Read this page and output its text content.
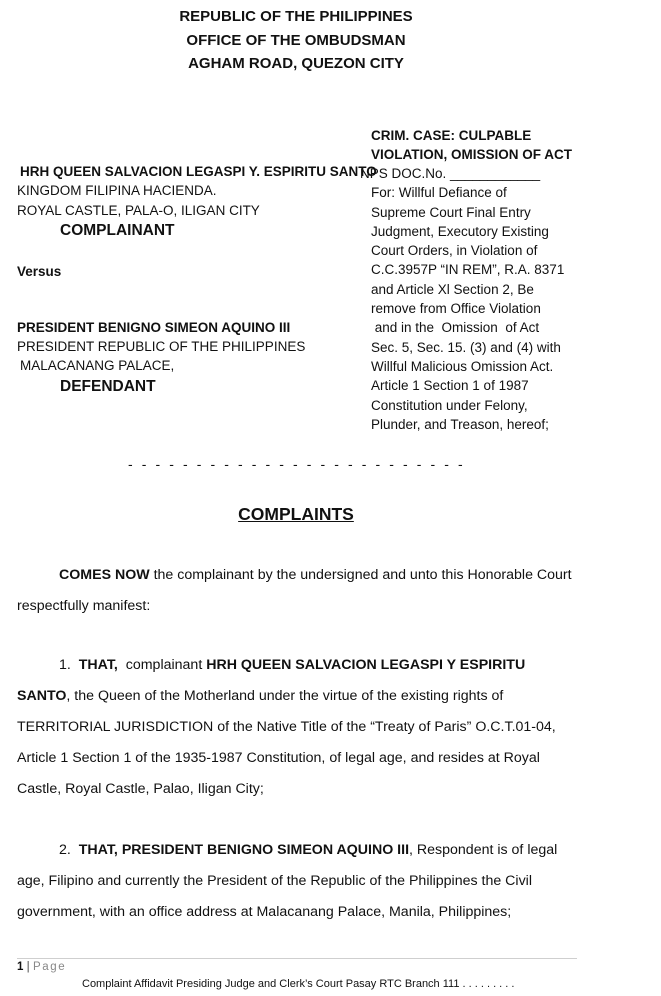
REPUBLIC OF THE PHILIPPINES
OFFICE OF THE OMBUDSMAN
AGHAM ROAD, QUEZON CITY
CRIM. CASE: CULPABLE
VIOLATION, OMISSION OF ACT
NPS DOC.No. ____________
For: Willful Defiance of
Supreme Court Final Entry
Judgment, Executory Existing
Court Orders, in Violation of
C.C.3957P “IN REM”, R.A. 8371
and Article Xl Section 2, Be
remove from Office Violation
and in the  Omission  of Act
Sec. 5, Sec. 15. (3) and (4) with
Willful Malicious Omission Act.
Article 1 Section 1 of 1987
Constitution under Felony,
Plunder, and Treason, hereof;
HRH QUEEN SALVACION LEGASPI Y. ESPIRITU SANTO
KINGDOM FILIPINA HACIENDA.
ROYAL CASTLE, PALA-O, ILIGAN CITY
COMPLAINANT
Versus
PRESIDENT BENIGNO SIMEON AQUINO III
PRESIDENT REPUBLIC OF THE PHILIPPINES
MALACANANG PALACE,
DEFENDANT
- - - - - - - - - - - - - - - - - - - - - - - - -
COMPLAINTS

COMES NOW the complainant by the undersigned and unto this Honorable Court respectfully manifest:

1. THAT,  complainant HRH QUEEN SALVACION LEGASPI Y ESPIRITU SANTO, the Queen of the Motherland under the virtue of the existing rights of TERRITORIAL JURISDICTION of the Native Title of the “Treaty of Paris” O.C.T.01-04, Article 1 Section 1 of the 1935-1987 Constitution, of legal age, and resides at Royal Castle, Royal Castle, Palao, Iligan City;

2. THAT, PRESIDENT BENIGNO SIMEON AQUINO III, Respondent is of legal age, Filipino and currently the President of the Republic of the Philippines the Civil government, with an office address at Malacanang Palace, Manila, Philippines;

1 | Page
Complaint Affidavit Presiding Judge and Clerk’s Court Pasay RTC Branch 111 . . . . . . . . .
